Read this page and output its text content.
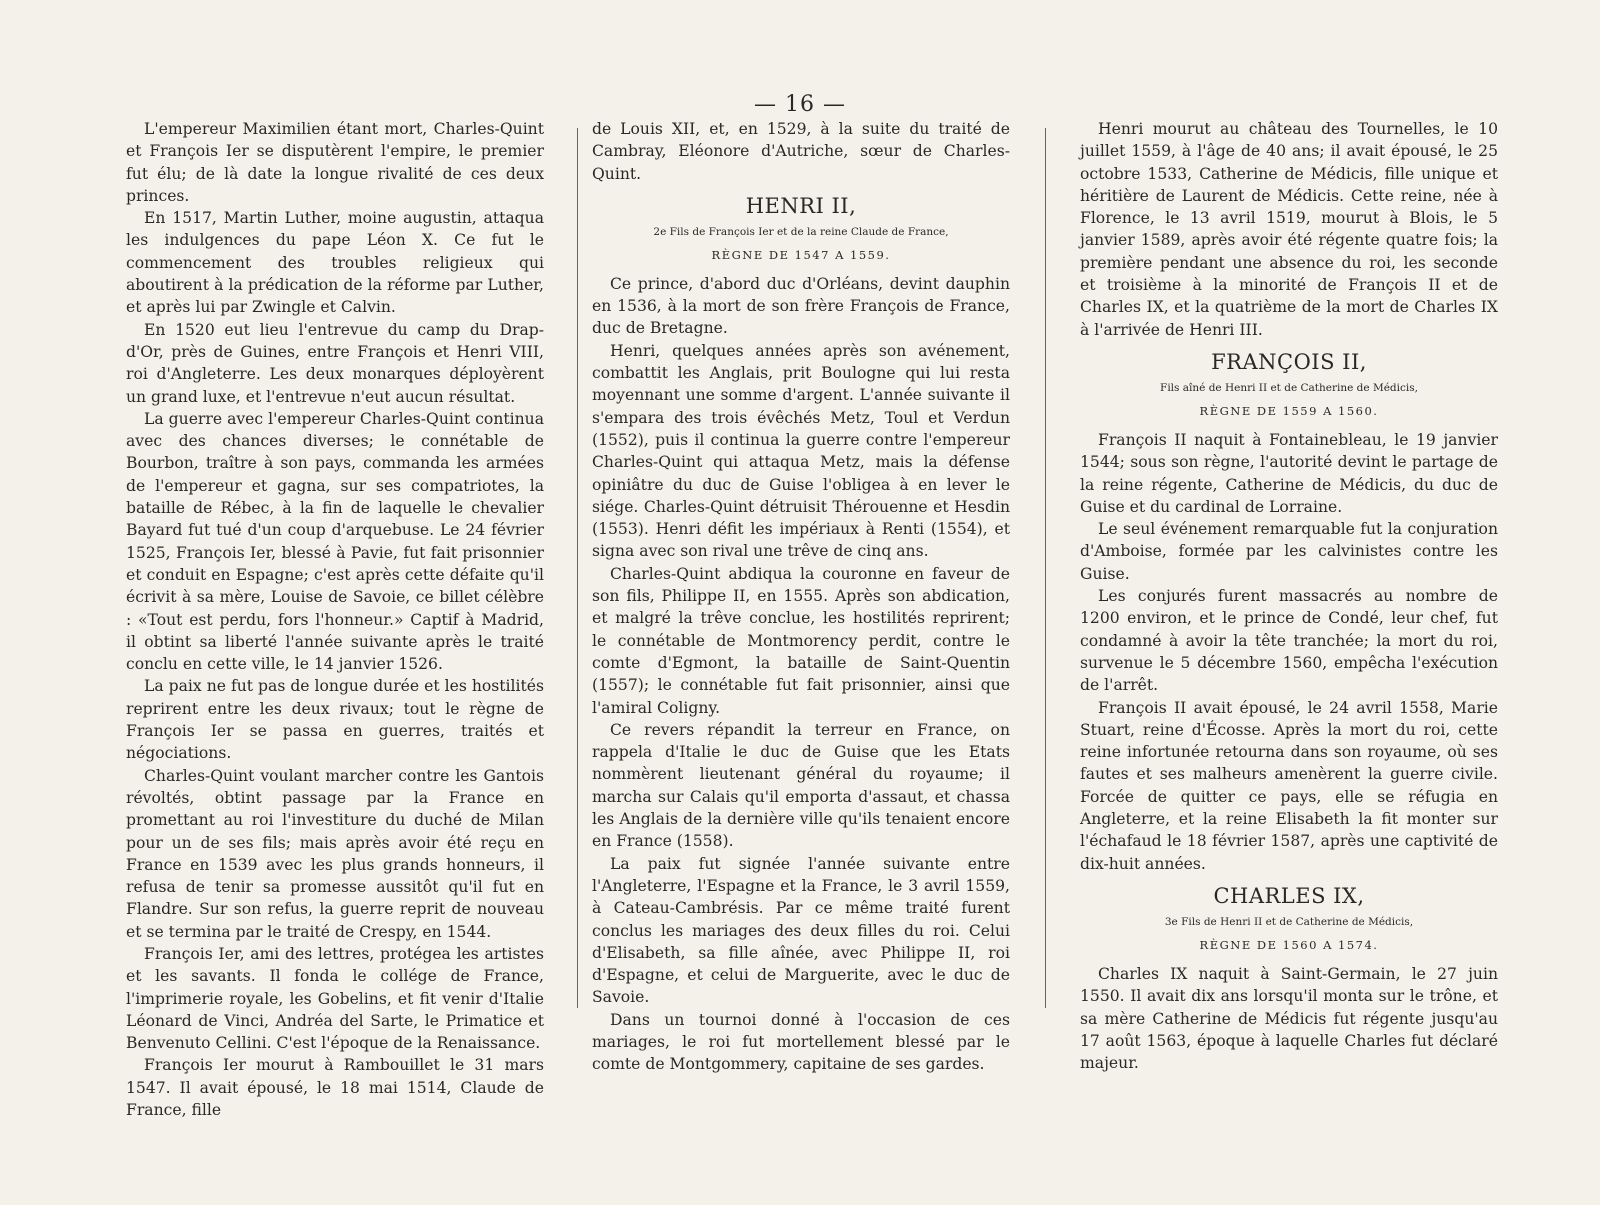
— 16 —

L'empereur Maximilien étant mort, Charles-Quint et François Ier se disputèrent l'empire, le premier fut élu; de là date la longue rivalité de ces deux princes.

En 1517, Martin Luther, moine augustin, attaqua les indulgences du pape Léon X. Ce fut le commencement des troubles religieux qui aboutirent à la prédication de la réforme par Luther, et après lui par Zwingle et Calvin.

En 1520 eut lieu l'entrevue du camp du Drap-d'Or, près de Guines, entre François et Henri VIII, roi d'Angleterre. Les deux monarques déployèrent un grand luxe, et l'entrevue n'eut aucun résultat.

La guerre avec l'empereur Charles-Quint continua avec des chances diverses; le connétable de Bourbon, traître à son pays, commanda les armées de l'empereur et gagna, sur ses compatriotes, la bataille de Rébec, à la fin de laquelle le chevalier Bayard fut tué d'un coup d'arquebuse. Le 24 février 1525, François Ier, blessé à Pavie, fut fait prisonnier et conduit en Espagne; c'est après cette défaite qu'il écrivit à sa mère, Louise de Savoie, ce billet célèbre : «Tout est perdu, fors l'honneur.» Captif à Madrid, il obtint sa liberté l'année suivante après le traité conclu en cette ville, le 14 janvier 1526.

La paix ne fut pas de longue durée et les hostilités reprirent entre les deux rivaux; tout le règne de François Ier se passa en guerres, traités et négociations.

Charles-Quint voulant marcher contre les Gantois révoltés, obtint passage par la France en promettant au roi l'investiture du duché de Milan pour un de ses fils; mais après avoir été reçu en France en 1539 avec les plus grands honneurs, il refusa de tenir sa promesse aussitôt qu'il fut en Flandre. Sur son refus, la guerre reprit de nouveau et se termina par le traité de Crespy, en 1544.

François Ier, ami des lettres, protégea les artistes et les savants. Il fonda le collége de France, l'imprimerie royale, les Gobelins, et fit venir d'Italie Léonard de Vinci, Andréa del Sarte, le Primatice et Benvenuto Cellini. C'est l'époque de la Renaissance.

François Ier mourut à Rambouillet le 31 mars 1547. Il avait épousé, le 18 mai 1514, Claude de France, fille

de Louis XII, et, en 1529, à la suite du traité de Cambray, Eléonore d'Autriche, sœur de Charles-Quint.

HENRI II,
2e Fils de François Ier et de la reine Claude de France,
RÈGNE DE 1547 A 1559.

Ce prince, d'abord duc d'Orléans, devint dauphin en 1536, à la mort de son frère François de France, duc de Bretagne.

Henri, quelques années après son avénement, combattit les Anglais, prit Boulogne qui lui resta moyennant une somme d'argent. L'année suivante il s'empara des trois évêchés Metz, Toul et Verdun (1552), puis il continua la guerre contre l'empereur Charles-Quint qui attaqua Metz, mais la défense opiniâtre du duc de Guise l'obligea à en lever le siége. Charles-Quint détruisit Thérouenne et Hesdin (1553). Henri défit les impériaux à Renti (1554), et signa avec son rival une trêve de cinq ans.

Charles-Quint abdiqua la couronne en faveur de son fils, Philippe II, en 1555. Après son abdication, et malgré la trêve conclue, les hostilités reprirent; le connétable de Montmorency perdit, contre le comte d'Egmont, la bataille de Saint-Quentin (1557); le connétable fut fait prisonnier, ainsi que l'amiral Coligny.

Ce revers répandit la terreur en France, on rappela d'Italie le duc de Guise que les Etats nommèrent lieutenant général du royaume; il marcha sur Calais qu'il emporta d'assaut, et chassa les Anglais de la dernière ville qu'ils tenaient encore en France (1558).

La paix fut signée l'année suivante entre l'Angleterre, l'Espagne et la France, le 3 avril 1559, à Cateau-Cambrésis. Par ce même traité furent conclus les mariages des deux filles du roi. Celui d'Elisabeth, sa fille aînée, avec Philippe II, roi d'Espagne, et celui de Marguerite, avec le duc de Savoie.

Dans un tournoi donné à l'occasion de ces mariages, le roi fut mortellement blessé par le comte de Montgommery, capitaine de ses gardes.

Henri mourut au château des Tournelles, le 10 juillet 1559, à l'âge de 40 ans; il avait épousé, le 25 octobre 1533, Catherine de Médicis, fille unique et héritière de Laurent de Médicis. Cette reine, née à Florence, le 13 avril 1519, mourut à Blois, le 5 janvier 1589, après avoir été régente quatre fois; la première pendant une absence du roi, les seconde et troisième à la minorité de François II et de Charles IX, et la quatrième de la mort de Charles IX à l'arrivée de Henri III.

FRANÇOIS II,
Fils aîné de Henri II et de Catherine de Médicis,
RÈGNE DE 1559 A 1560.

François II naquit à Fontainebleau, le 19 janvier 1544; sous son règne, l'autorité devint le partage de la reine régente, Catherine de Médicis, du duc de Guise et du cardinal de Lorraine.

Le seul événement remarquable fut la conjuration d'Amboise, formée par les calvinistes contre les Guise.

Les conjurés furent massacrés au nombre de 1200 environ, et le prince de Condé, leur chef, fut condamné à avoir la tête tranchée; la mort du roi, survenue le 5 décembre 1560, empêcha l'exécution de l'arrêt.

François II avait épousé, le 24 avril 1558, Marie Stuart, reine d'Écosse. Après la mort du roi, cette reine infortunée retourna dans son royaume, où ses fautes et ses malheurs amenèrent la guerre civile. Forcée de quitter ce pays, elle se réfugia en Angleterre, et la reine Elisabeth la fit monter sur l'échafaud le 18 février 1587, après une captivité de dix-huit années.

CHARLES IX,
3e Fils de Henri II et de Catherine de Médicis,
RÈGNE DE 1560 A 1574.

Charles IX naquit à Saint-Germain, le 27 juin 1550. Il avait dix ans lorsqu'il monta sur le trône, et sa mère Catherine de Médicis fut régente jusqu'au 17 août 1563, époque à laquelle Charles fut déclaré majeur.
